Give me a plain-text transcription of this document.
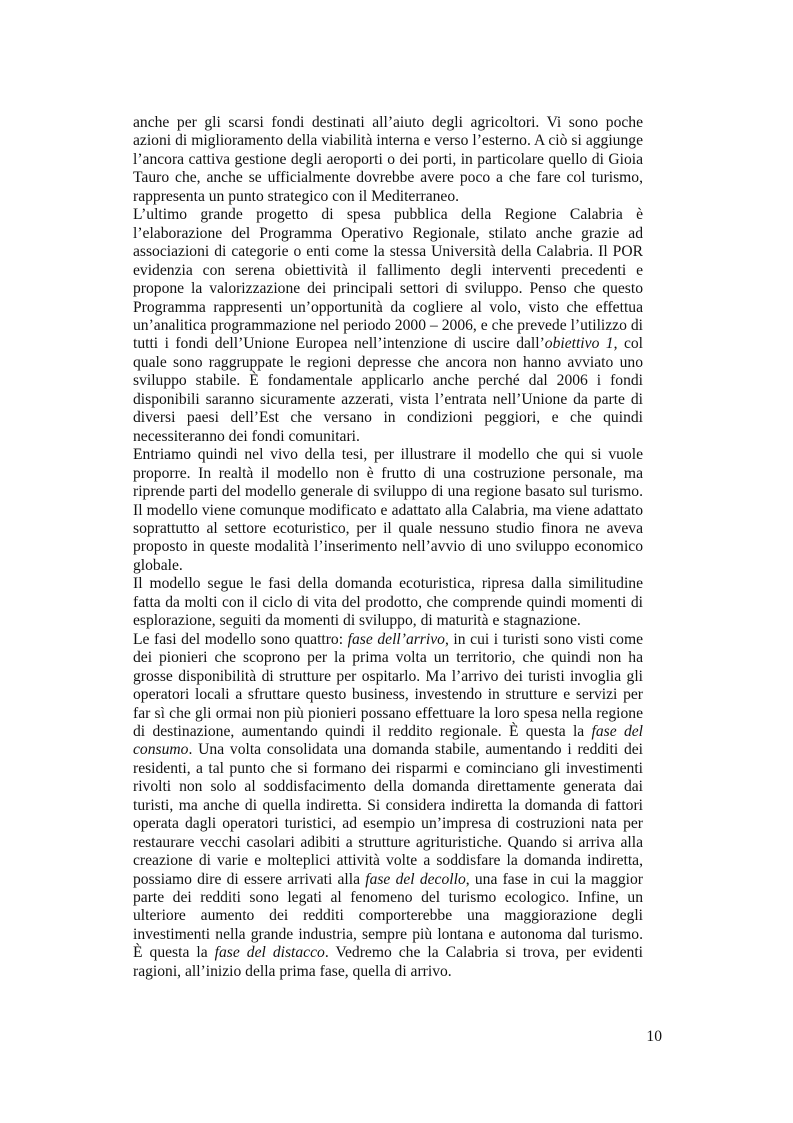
anche per gli scarsi fondi destinati all’aiuto degli agricoltori. Vi sono poche azioni di miglioramento della viabilità interna e verso l’esterno. A ciò si aggiunge l’ancora cattiva gestione degli aeroporti o dei porti, in particolare quello di Gioia Tauro che, anche se ufficialmente dovrebbe avere poco a che fare col turismo, rappresenta un punto strategico con il Mediterraneo.

L’ultimo grande progetto di spesa pubblica della Regione Calabria è l’elaborazione del Programma Operativo Regionale, stilato anche grazie ad associazioni di categorie o enti come la stessa Università della Calabria. Il POR evidenzia con serena obiettività il fallimento degli interventi precedenti e propone la valorizzazione dei principali settori di sviluppo. Penso che questo Programma rappresenti un’opportunità da cogliere al volo, visto che effettua un’analitica programmazione nel periodo 2000 – 2006, e che prevede l’utilizzo di tutti i fondi dell’Unione Europea nell’intenzione di uscire dall’obiettivo 1, col quale sono raggruppate le regioni depresse che ancora non hanno avviato uno sviluppo stabile. È fondamentale applicarlo anche perché dal 2006 i fondi disponibili saranno sicuramente azzerati, vista l’entrata nell’Unione da parte di diversi paesi dell’Est che versano in condizioni peggiori, e che quindi necessiteranno dei fondi comunitari.

Entriamo quindi nel vivo della tesi, per illustrare il modello che qui si vuole proporre. In realtà il modello non è frutto di una costruzione personale, ma riprende parti del modello generale di sviluppo di una regione basato sul turismo. Il modello viene comunque modificato e adattato alla Calabria, ma viene adattato soprattutto al settore ecoturistico, per il quale nessuno studio finora ne aveva proposto in queste modalità l’inserimento nell’avvio di uno sviluppo economico globale.

Il modello segue le fasi della domanda ecoturistica, ripresa dalla similitudine fatta da molti con il ciclo di vita del prodotto, che comprende quindi momenti di esplorazione, seguiti da momenti di sviluppo, di maturità e stagnazione.

Le fasi del modello sono quattro: fase dell’arrivo, in cui i turisti sono visti come dei pionieri che scoprono per la prima volta un territorio, che quindi non ha grosse disponibilità di strutture per ospitarlo. Ma l’arrivo dei turisti invoglia gli operatori locali a sfruttare questo business, investendo in strutture e servizi per far sì che gli ormai non più pionieri possano effettuare la loro spesa nella regione di destinazione, aumentando quindi il reddito regionale. È questa la fase del consumo. Una volta consolidata una domanda stabile, aumentando i redditi dei residenti, a tal punto che si formano dei risparmi e cominciano gli investimenti rivolti non solo al soddisfacimento della domanda direttamente generata dai turisti, ma anche di quella indiretta. Si considera indiretta la domanda di fattori operata dagli operatori turistici, ad esempio un’impresa di costruzioni nata per restaurare vecchi casolari adibiti a strutture agrituristiche. Quando si arriva alla creazione di varie e molteplici attività volte a soddisfare la domanda indiretta, possiamo dire di essere arrivati alla fase del decollo, una fase in cui la maggior parte dei redditi sono legati al fenomeno del turismo ecologico. Infine, un ulteriore aumento dei redditi comporterebbe una maggiorazione degli investimenti nella grande industria, sempre più lontana e autonoma dal turismo. È questa la fase del distacco. Vedremo che la Calabria si trova, per evidenti ragioni, all’inizio della prima fase, quella di arrivo.

10
